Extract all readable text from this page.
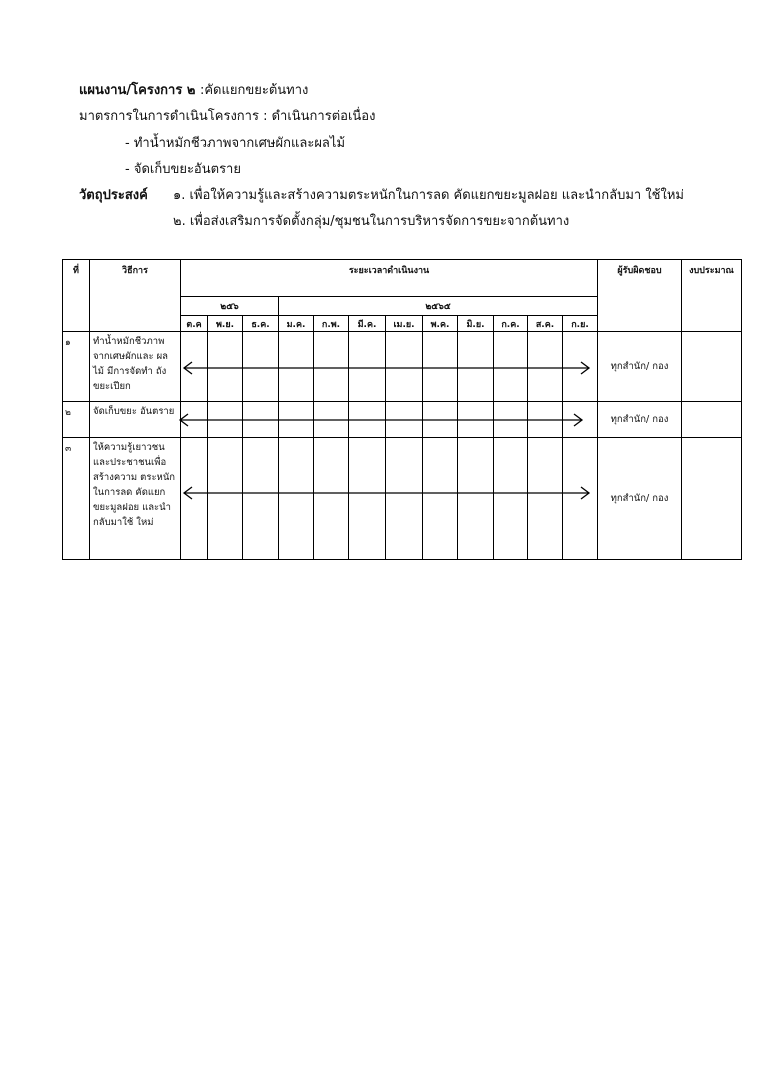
แผนงาน/โครงการ ๒ :คัดแยกขยะต้นทาง
มาตรการในการดำเนินโครงการ : ดำเนินการต่อเนื่อง
- ทำน้ำหมักชีวภาพจากเศษผักและผลไม้
- จัดเก็บขยะอันตราย
วัตถุประสงค์ ๑. เพื่อให้ความรู้และสร้างความตระหนักในการลด คัดแยกขยะมูลฝอย และนำกลับมา ใช้ใหม่
๒. เพื่อส่งเสริมการจัดตั้งกลุ่ม/ชุมชนในการบริหารจัดการขยะจากต้นทาง
ที่	วิธีการ	ระยะเวลาดำเนินงาน												ผู้รับผิดชอบ	งบประมาณ
		๒๕๖			๒๕๖๕										
		ต.ค	พ.ย.	ธ.ค.	ม.ค.	ก.พ.	มี.ค.	เม.ย.	พ.ค.	มิ.ย.	ก.ค.	ส.ค.	ก.ย.		
๑	ทำน้ำหมักชีวภาพ จากเศษผักและ ผลไม้ มีการจัดทำ ถังขยะเปียก													ทุกสำนัก/ กอง	
๒	จัดเก็บขยะ อันตราย													ทุกสำนัก/ กอง	
๓	ให้ความรู้เยาวชน และประชาชนเพื่อ สร้างความ ตระหนักในการลด คัดแยกขยะมูลฝอย และนำกลับมาใช้ ใหม่													ทุกสำนัก/ กอง	
